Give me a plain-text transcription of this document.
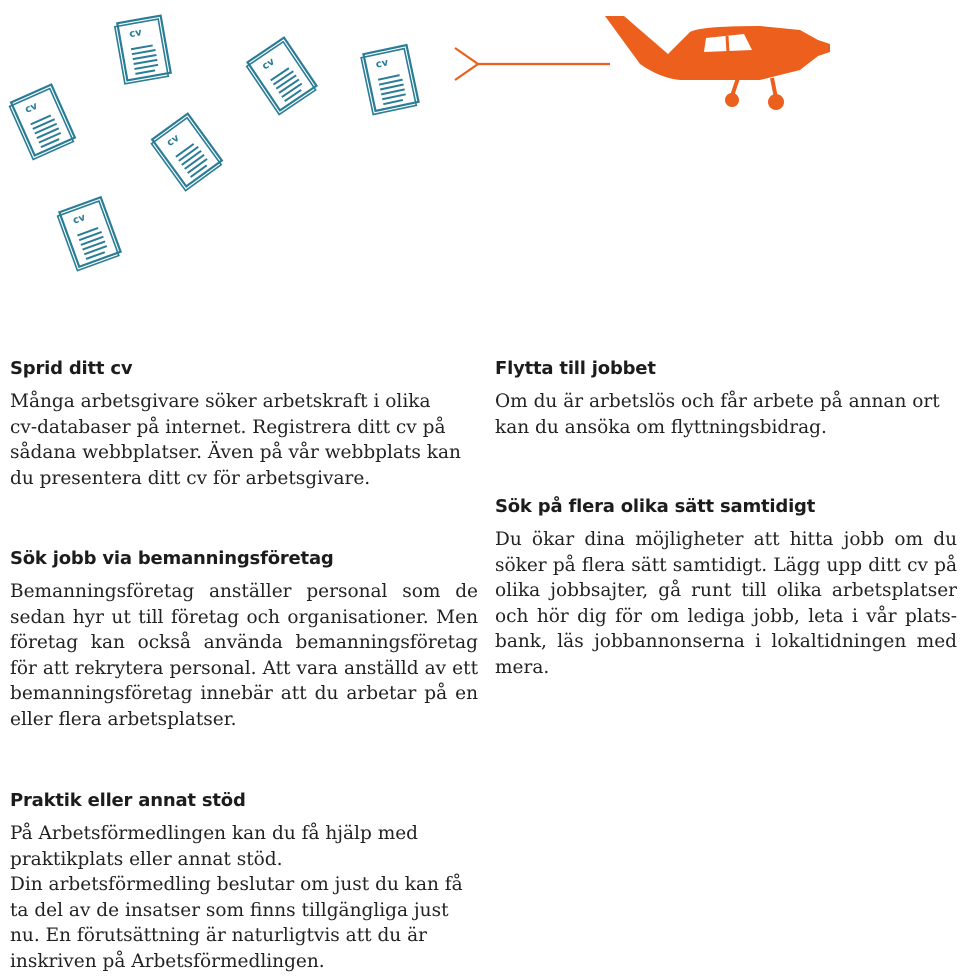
cv
cv
cv	cv
cv
cv
Sprid ditt cv

Många arbetsgivare söker arbetskraft i olika
cv-databaser på internet. Registrera ditt cv på
sådana webbplatser. Även på vår webbplats kan
du presentera ditt cv för arbetsgivare.

Sök jobb via bemanningsföretag

Bemanningsföretag anställer personal som de
sedan hyr ut till företag och organisationer. Men
företag kan också använda bemanningsföretag
för att rekrytera personal. Att vara anställd av ett
bemanningsföretag innebär att du arbetar på en
eller flera arbetsplatser.

Flytta till jobbet

Om du är arbetslös och får arbete på annan ort
kan du ansöka om flyttningsbidrag.

Sök på flera olika sätt samtidigt

Du ökar dina möjligheter att hitta jobb om du
söker på flera sätt samtidigt. Lägg upp ditt cv på
olika jobbsajter, gå runt till olika arbetsplatser
och hör dig för om lediga jobb, leta i vår plats-
bank, läs jobbannonserna i lokaltidningen med
mera.

Praktik eller annat stöd

På Arbetsförmedlingen kan du få hjälp med
praktikplats eller annat stöd.
Din arbetsförmedling beslutar om just du kan få
ta del av de insatser som finns tillgängliga just
nu. En förutsättning är naturligtvis att du är
inskriven på Arbetsförmedlingen.
